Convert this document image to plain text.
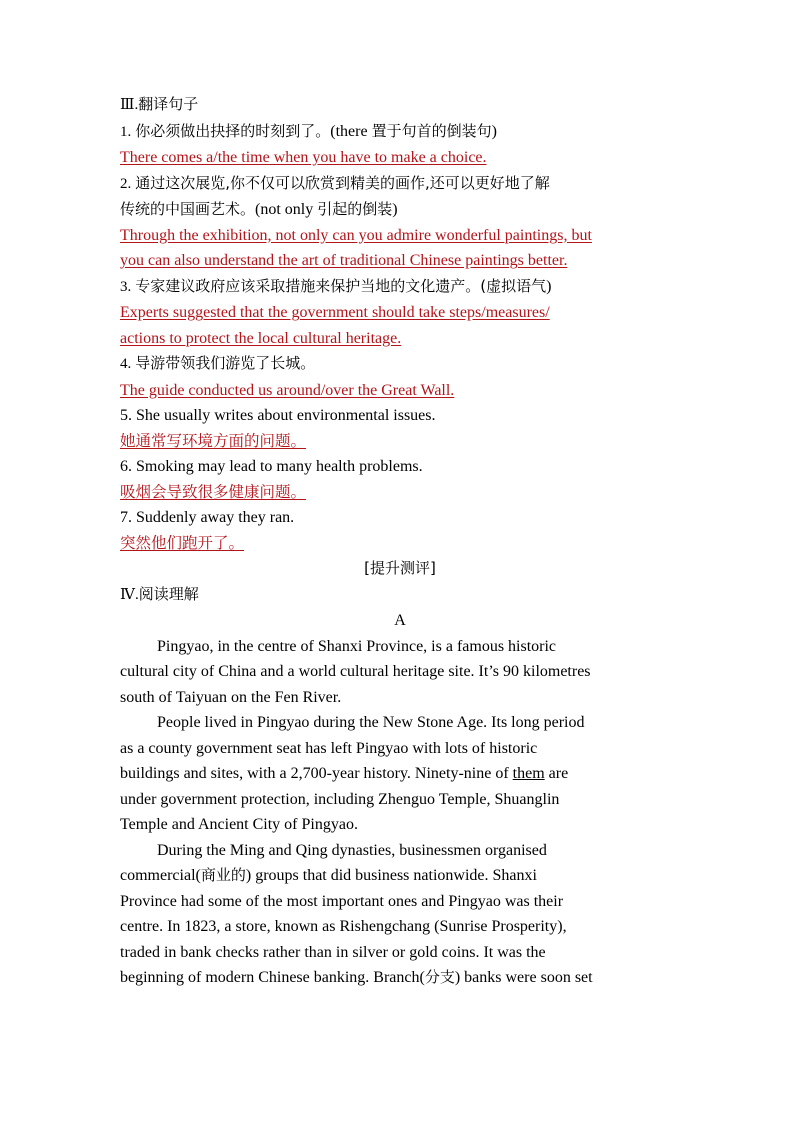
Ⅲ.翻译句子
1. 你必须做出抉择的时刻到了。(there 置于句首的倒装句)
There comes a/the time when you have to make a choice.
2. 通过这次展览,你不仅可以欣赏到精美的画作,还可以更好地了解
传统的中国画艺术。(not only 引起的倒装)
Through the exhibition, not only can you admire wonderful paintings, but
you can also understand the art of traditional Chinese paintings better.
3. 专家建议政府应该采取措施来保护当地的文化遗产。(虚拟语气)
Experts suggested that the government should take steps/measures/
actions to protect the local cultural heritage.
4. 导游带领我们游览了长城。
The guide conducted us around/over the Great Wall.
5. She usually writes about environmental issues.
她通常写环境方面的问题。
6. Smoking may lead to many health problems.
吸烟会导致很多健康问题。
7. Suddenly away they ran.
突然他们跑开了。
[提升测评]
Ⅳ.阅读理解
A
Pingyao, in the centre of Shanxi Province, is a famous historic
cultural city of China and a world cultural heritage site. It’s 90 kilometres
south of Taiyuan on the Fen River.
People lived in Pingyao during the New Stone Age. Its long period
as a county government seat has left Pingyao with lots of historic
buildings and sites, with a 2,700-year history. Ninety-nine of them are
under government protection, including Zhenguo Temple, Shuanglin
Temple and Ancient City of Pingyao.
During the Ming and Qing dynasties, businessmen organised
commercial(商业的) groups that did business nationwide. Shanxi
Province had some of the most important ones and Pingyao was their
centre. In 1823, a store, known as Rishengchang (Sunrise Prosperity),
traded in bank checks rather than in silver or gold coins. It was the
beginning of modern Chinese banking. Branch(分支) banks were soon set
